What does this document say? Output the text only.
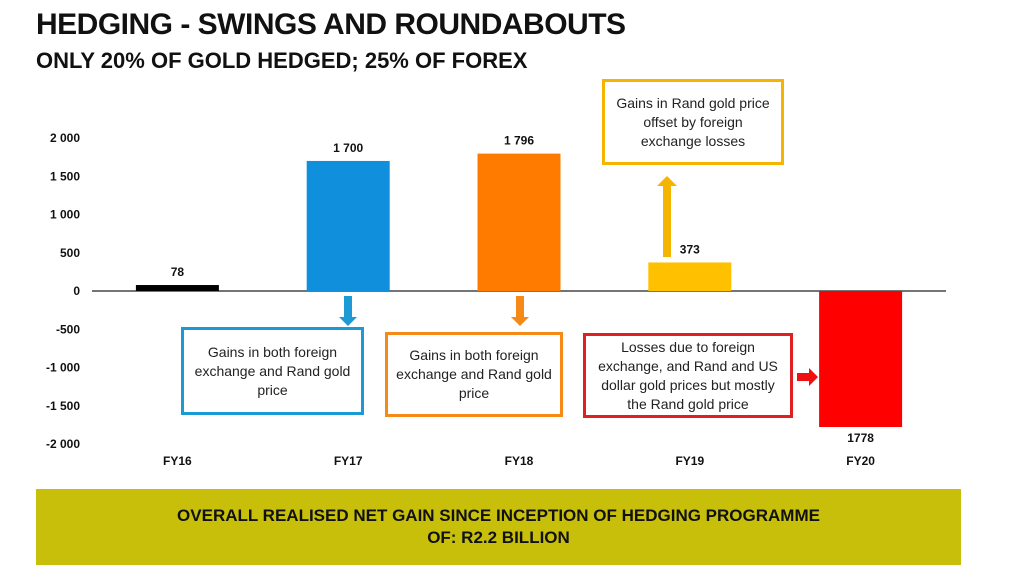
HEDGING - SWINGS AND ROUNDABOUTS
ONLY 20% OF GOLD HEDGED; 25% OF FOREX
2 000
1 500
1 000
500
0
-500
-1 000
-1 500
-2 000
78
FY16
1 700
FY17
1 796
FY18
373
FY19
1778
FY20
Gains in both foreign exchange and Rand gold price
Gains in both foreign exchange and Rand gold price
Gains in Rand gold price offset by foreign exchange losses
Losses due to foreign exchange, and Rand and US dollar gold prices but mostly the Rand gold price
OVERALL REALISED NET GAIN SINCE INCEPTION OF HEDGING PROGRAMME
OF: R2.2 BILLION
